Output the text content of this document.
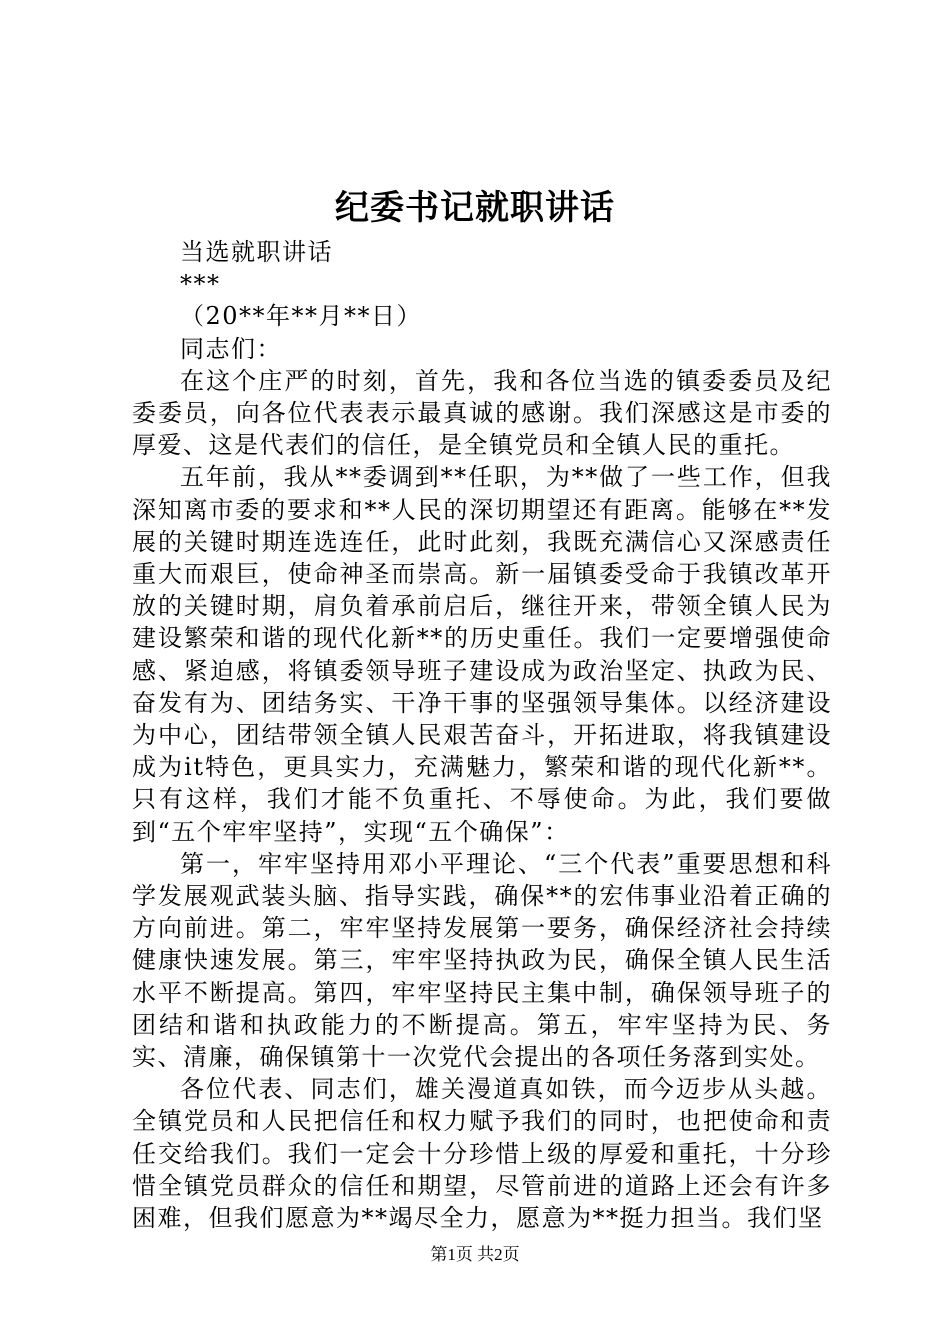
纪委书记就职讲话

当选就职讲话

***

（20**年**月**日）

同志们：

在这个庄严的时刻，首先，我和各位当选的镇委委员及纪委委员，向各位代表表示最真诚的感谢。我们深感这是市委的厚爱、这是代表们的信任，是全镇党员和全镇人民的重托。

五年前，我从**委调到**任职，为**做了一些工作，但我深知离市委的要求和**人民的深切期望还有距离。能够在**发展的关键时期连选连任，此时此刻，我既充满信心又深感责任重大而艰巨，使命神圣而崇高。新一届镇委受命于我镇改革开放的关键时期，肩负着承前启后，继往开来，带领全镇人民为建设繁荣和谐的现代化新**的历史重任。我们一定要增强使命感、紧迫感，将镇委领导班子建设成为政治坚定、执政为民、奋发有为、团结务实、干净干事的坚强领导集体。以经济建设为中心，团结带领全镇人民艰苦奋斗，开拓进取，将我镇建设成为it特色，更具实力，充满魅力，繁荣和谐的现代化新**。只有这样，我们才能不负重托、不辱使命。为此，我们要做到“五个牢牢坚持”，实现“五个确保”：

第一，牢牢坚持用邓小平理论、“三个代表”重要思想和科学发展观武装头脑、指导实践，确保**的宏伟事业沿着正确的方向前进。第二，牢牢坚持发展第一要务，确保经济社会持续健康快速发展。第三，牢牢坚持执政为民，确保全镇人民生活水平不断提高。第四，牢牢坚持民主集中制，确保领导班子的团结和谐和执政能力的不断提高。第五，牢牢坚持为民、务实、清廉，确保镇第十一次党代会提出的各项任务落到实处。

各位代表、同志们，雄关漫道真如铁，而今迈步从头越。全镇党员和人民把信任和权力赋予我们的同时，也把使命和责任交给我们。我们一定会十分珍惜上级的厚爱和重托，十分珍惜全镇党员群众的信任和期望，尽管前进的道路上还会有许多困难，但我们愿意为**竭尽全力，愿意为**挺力担当。我们坚

第1页 共2页
